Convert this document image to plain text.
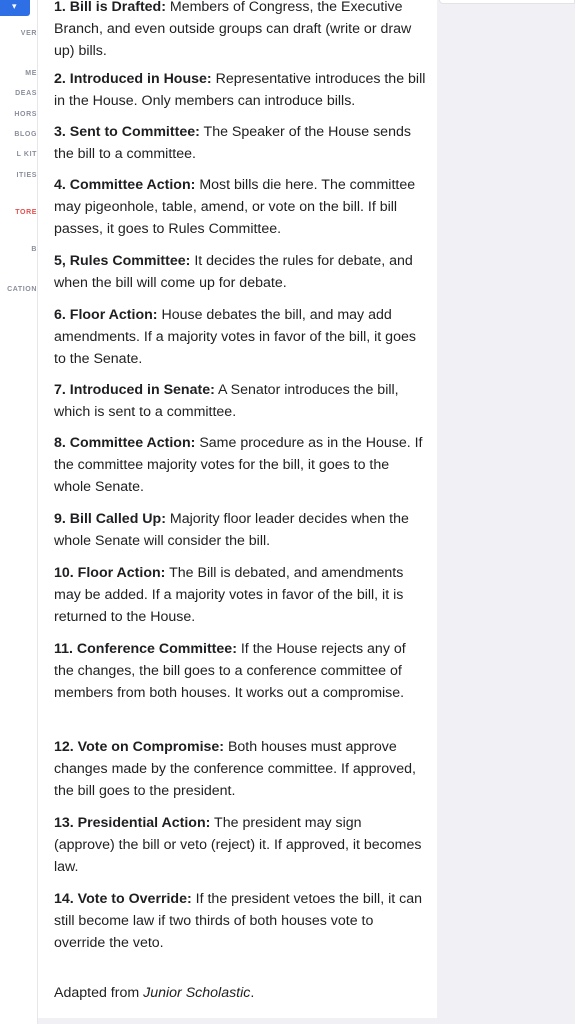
▾
VER
ME
DEAS
HORS
BLOG
L KIT
ITIES
TORE
B
CATION
1. Bill is Drafted: Members of Congress, the Executive Branch, and even outside groups can draft (write or draw up) bills.
2. Introduced in House: Representative introduces the bill in the House. Only members can introduce bills.
3. Sent to Committee: The Speaker of the House sends the bill to a committee.
4. Committee Action: Most bills die here. The committee may pigeonhole, table, amend, or vote on the bill. If bill passes, it goes to Rules Committee.
5, Rules Committee: It decides the rules for debate, and when the bill will come up for debate.
6. Floor Action: House debates the bill, and may add amendments. If a majority votes in favor of the bill, it goes to the Senate.
7. Introduced in Senate: A Senator introduces the bill, which is sent to a committee.
8. Committee Action: Same procedure as in the House. If the committee majority votes for the bill, it goes to the whole Senate.
9. Bill Called Up: Majority floor leader decides when the whole Senate will consider the bill.
10. Floor Action: The Bill is debated, and amendments may be added. If a majority votes in favor of the bill, it is returned to the House.
11. Conference Committee: If the House rejects any of the changes, the bill goes to a conference committee of members from both houses. It works out a compromise.
12. Vote on Compromise: Both houses must approve changes made by the conference committee. If approved, the bill goes to the president.
13. Presidential Action: The president may sign (approve) the bill or veto (reject) it. If approved, it becomes law.
14. Vote to Override: If the president vetoes the bill, it can still become law if two thirds of both houses vote to override the veto.

Adapted from Junior Scholastic.
